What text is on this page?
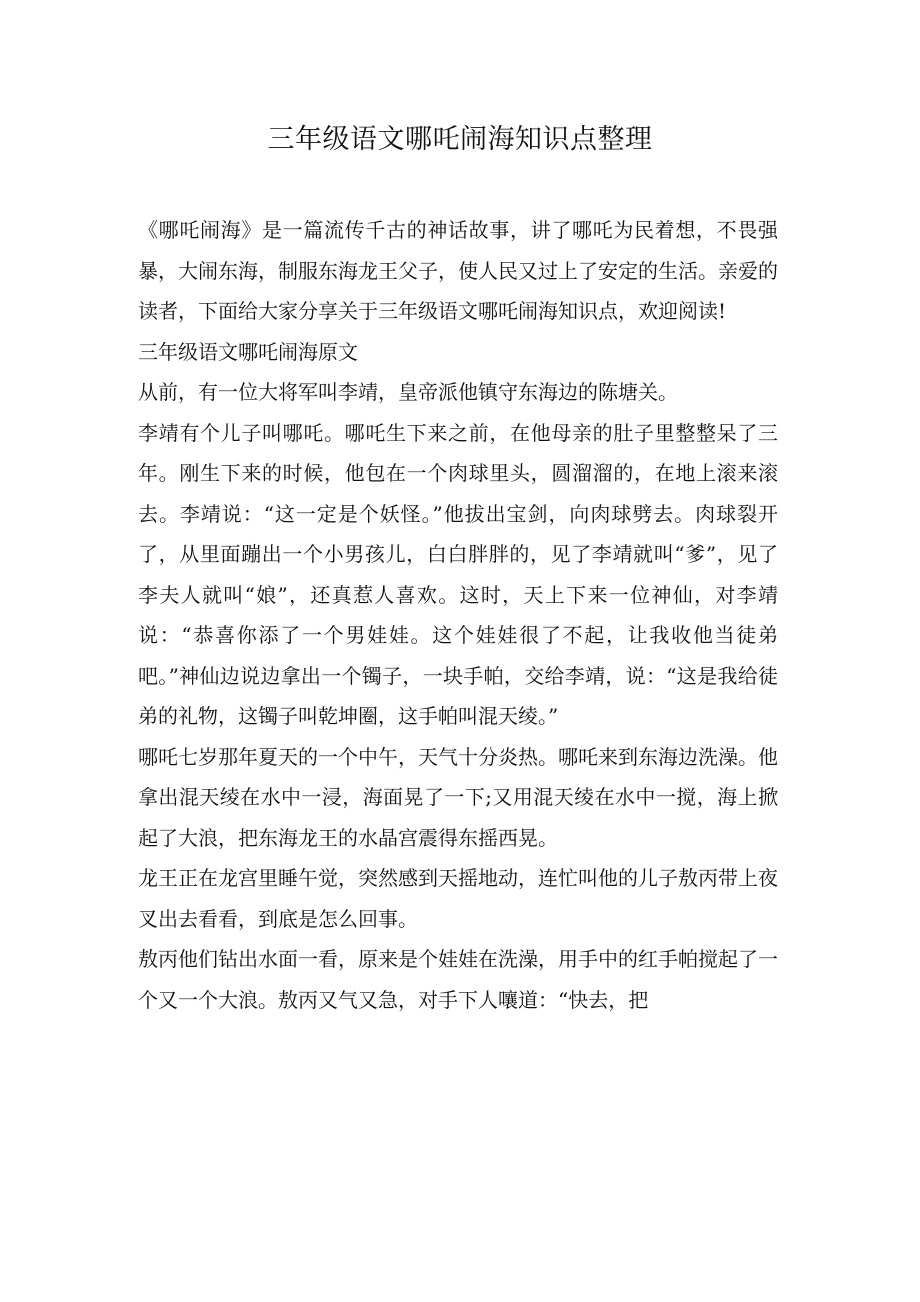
三年级语文哪吒闹海知识点整理

《哪吒闹海》是一篇流传千古的神话故事，讲了哪吒为民着想，不畏强暴，大闹东海，制服东海龙王父子，使人民又过上了安定的生活。亲爱的读者，下面给大家分享关于三年级语文哪吒闹海知识点，欢迎阅读!

三年级语文哪吒闹海原文

从前，有一位大将军叫李靖，皇帝派他镇守东海边的陈塘关。

李靖有个儿子叫哪吒。哪吒生下来之前，在他母亲的肚子里整整呆了三年。刚生下来的时候，他包在一个肉球里头，圆溜溜的，在地上滚来滚去。李靖说：“这一定是个妖怪。”他拔出宝剑，向肉球劈去。肉球裂开了，从里面蹦出一个小男孩儿，白白胖胖的，见了李靖就叫“爹”，见了李夫人就叫“娘”，还真惹人喜欢。这时，天上下来一位神仙，对李靖说：“恭喜你添了一个男娃娃。这个娃娃很了不起，让我收他当徒弟吧。”神仙边说边拿出一个镯子，一块手帕，交给李靖，说：“这是我给徒弟的礼物，这镯子叫乾坤圈，这手帕叫混天绫。”

哪吒七岁那年夏天的一个中午，天气十分炎热。哪吒来到东海边洗澡。他拿出混天绫在水中一浸，海面晃了一下;又用混天绫在水中一搅，海上掀起了大浪，把东海龙王的水晶宫震得东摇西晃。

龙王正在龙宫里睡午觉，突然感到天摇地动，连忙叫他的儿子敖丙带上夜叉出去看看，到底是怎么回事。

敖丙他们钻出水面一看，原来是个娃娃在洗澡，用手中的红手帕搅起了一个又一个大浪。敖丙又气又急，对手下人嚷道：“快去，把
